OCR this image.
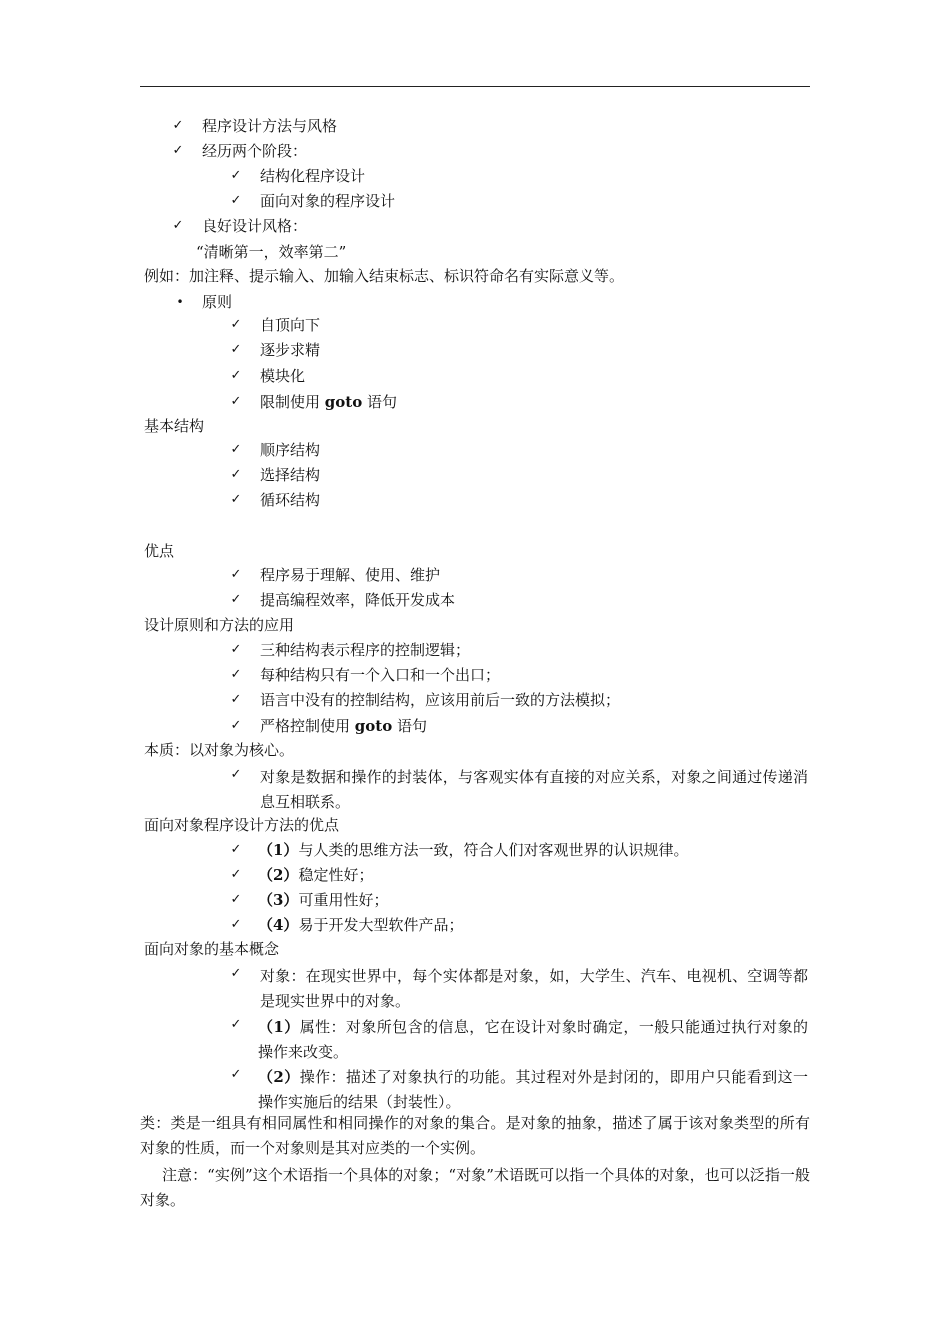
✓ 程序设计方法与风格
✓ 经历两个阶段：
✓ 结构化程序设计
✓ 面向对象的程序设计
✓ 良好设计风格：
“清晰第一，效率第二”
例如：加注释、提示输入、加输入结束标志、标识符命名有实际意义等。
• 原则
✓ 自顶向下
✓ 逐步求精
✓ 模块化
✓ 限制使用 goto 语句
基本结构
✓ 顺序结构
✓ 选择结构
✓ 循环结构
优点
✓ 程序易于理解、使用、维护
✓ 提高编程效率，降低开发成本
设计原则和方法的应用
✓ 三种结构表示程序的控制逻辑；
✓ 每种结构只有一个入口和一个出口；
✓ 语言中没有的控制结构，应该用前后一致的方法模拟；
✓ 严格控制使用 goto 语句
本质：以对象为核心。
✓ 对象是数据和操作的封装体，与客观实体有直接的对应关系，对象之间通过传递消息互相联系。
面向对象程序设计方法的优点
✓ （1）与人类的思维方法一致，符合人们对客观世界的认识规律。
✓ （2）稳定性好；
✓ （3）可重用性好；
✓ （4）易于开发大型软件产品；
面向对象的基本概念
✓ 对象：在现实世界中，每个实体都是对象，如，大学生、汽车、电视机、空调等都是现实世界中的对象。
✓ （1）属性：对象所包含的信息，它在设计对象时确定，一般只能通过执行对象的操作来改变。
✓ （2）操作：描述了对象执行的功能。其过程对外是封闭的，即用户只能看到这一操作实施后的结果（封装性）。
类：类是一组具有相同属性和相同操作的对象的集合。是对象的抽象，描述了属于该对象类型的所有对象的性质，而一个对象则是其对应类的一个实例。
注意：“实例”这个术语指一个具体的对象；“对象”术语既可以指一个具体的对象，也可以泛指一般对象。
